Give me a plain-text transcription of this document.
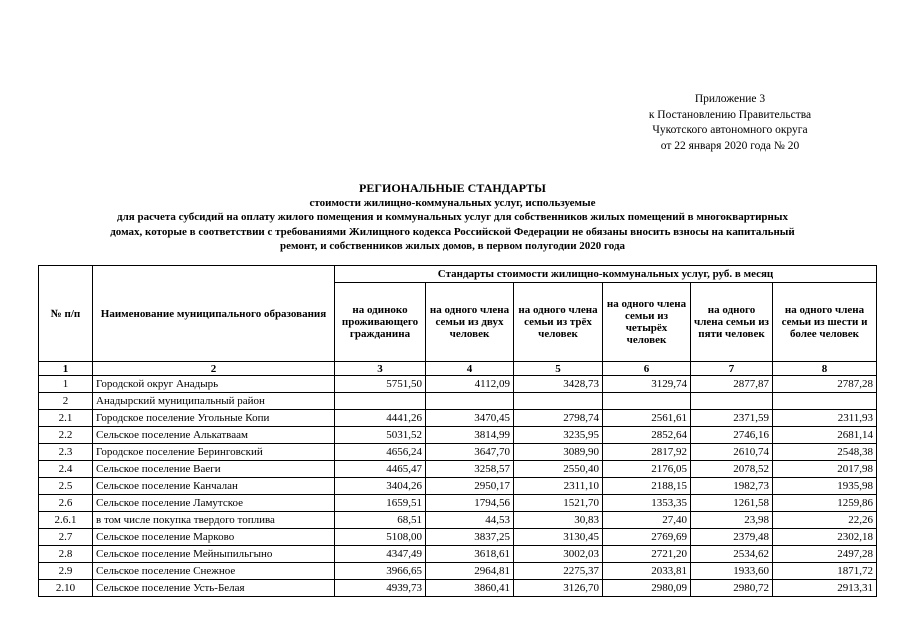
Приложение 3
к Постановлению Правительства
Чукотского автономного округа
от 22 января 2020 года № 20
РЕГИОНАЛЬНЫЕ СТАНДАРТЫ
стоимости жилищно-коммунальных услуг, используемые
для расчета субсидий на оплату жилого помещения и коммунальных услуг для собственников жилых помещений в многоквартирных
домах, которые в соответствии с требованиями Жилищного кодекса Российской Федерации не обязаны вносить взносы на капитальный
ремонт, и собственников жилых домов, в первом полугодии 2020 года
№ п/п	Наименование муниципального образования	Стандарты стоимости жилищно-коммунальных услуг, руб. в месяц					
		на одиноко проживающего гражданина	на одного члена семьи из двух человек	на одного члена семьи из трёх человек	на одного члена семьи из четырёх человек	на одного члена семьи из пяти человек	на одного члена семьи из шести и более человек
1	2	3	4	5	6	7	8
1	Городской округ Анадырь	5751,50	4112,09	3428,73	3129,74	2877,87	2787,28
2	Анадырский муниципальный район						
2.1	Городское поселение Угольные Копи	4441,26	3470,45	2798,74	2561,61	2371,59	2311,93
2.2	Сельское поселение Алькатваам	5031,52	3814,99	3235,95	2852,64	2746,16	2681,14
2.3	Городское поселение Беринговский	4656,24	3647,70	3089,90	2817,92	2610,74	2548,38
2.4	Сельское поселение Ваеги	4465,47	3258,57	2550,40	2176,05	2078,52	2017,98
2.5	Сельское поселение Канчалан	3404,26	2950,17	2311,10	2188,15	1982,73	1935,98
2.6	Сельское поселение Ламутское	1659,51	1794,56	1521,70	1353,35	1261,58	1259,86
2.6.1	в том числе покупка твердого топлива	68,51	44,53	30,83	27,40	23,98	22,26
2.7	Сельское поселение Марково	5108,00	3837,25	3130,45	2769,69	2379,48	2302,18
2.8	Сельское поселение Мейныпильгыно	4347,49	3618,61	3002,03	2721,20	2534,62	2497,28
2.9	Сельское поселение Снежное	3966,65	2964,81	2275,37	2033,81	1933,60	1871,72
2.10	Сельское поселение Усть-Белая	4939,73	3860,41	3126,70	2980,09	2980,72	2913,31
